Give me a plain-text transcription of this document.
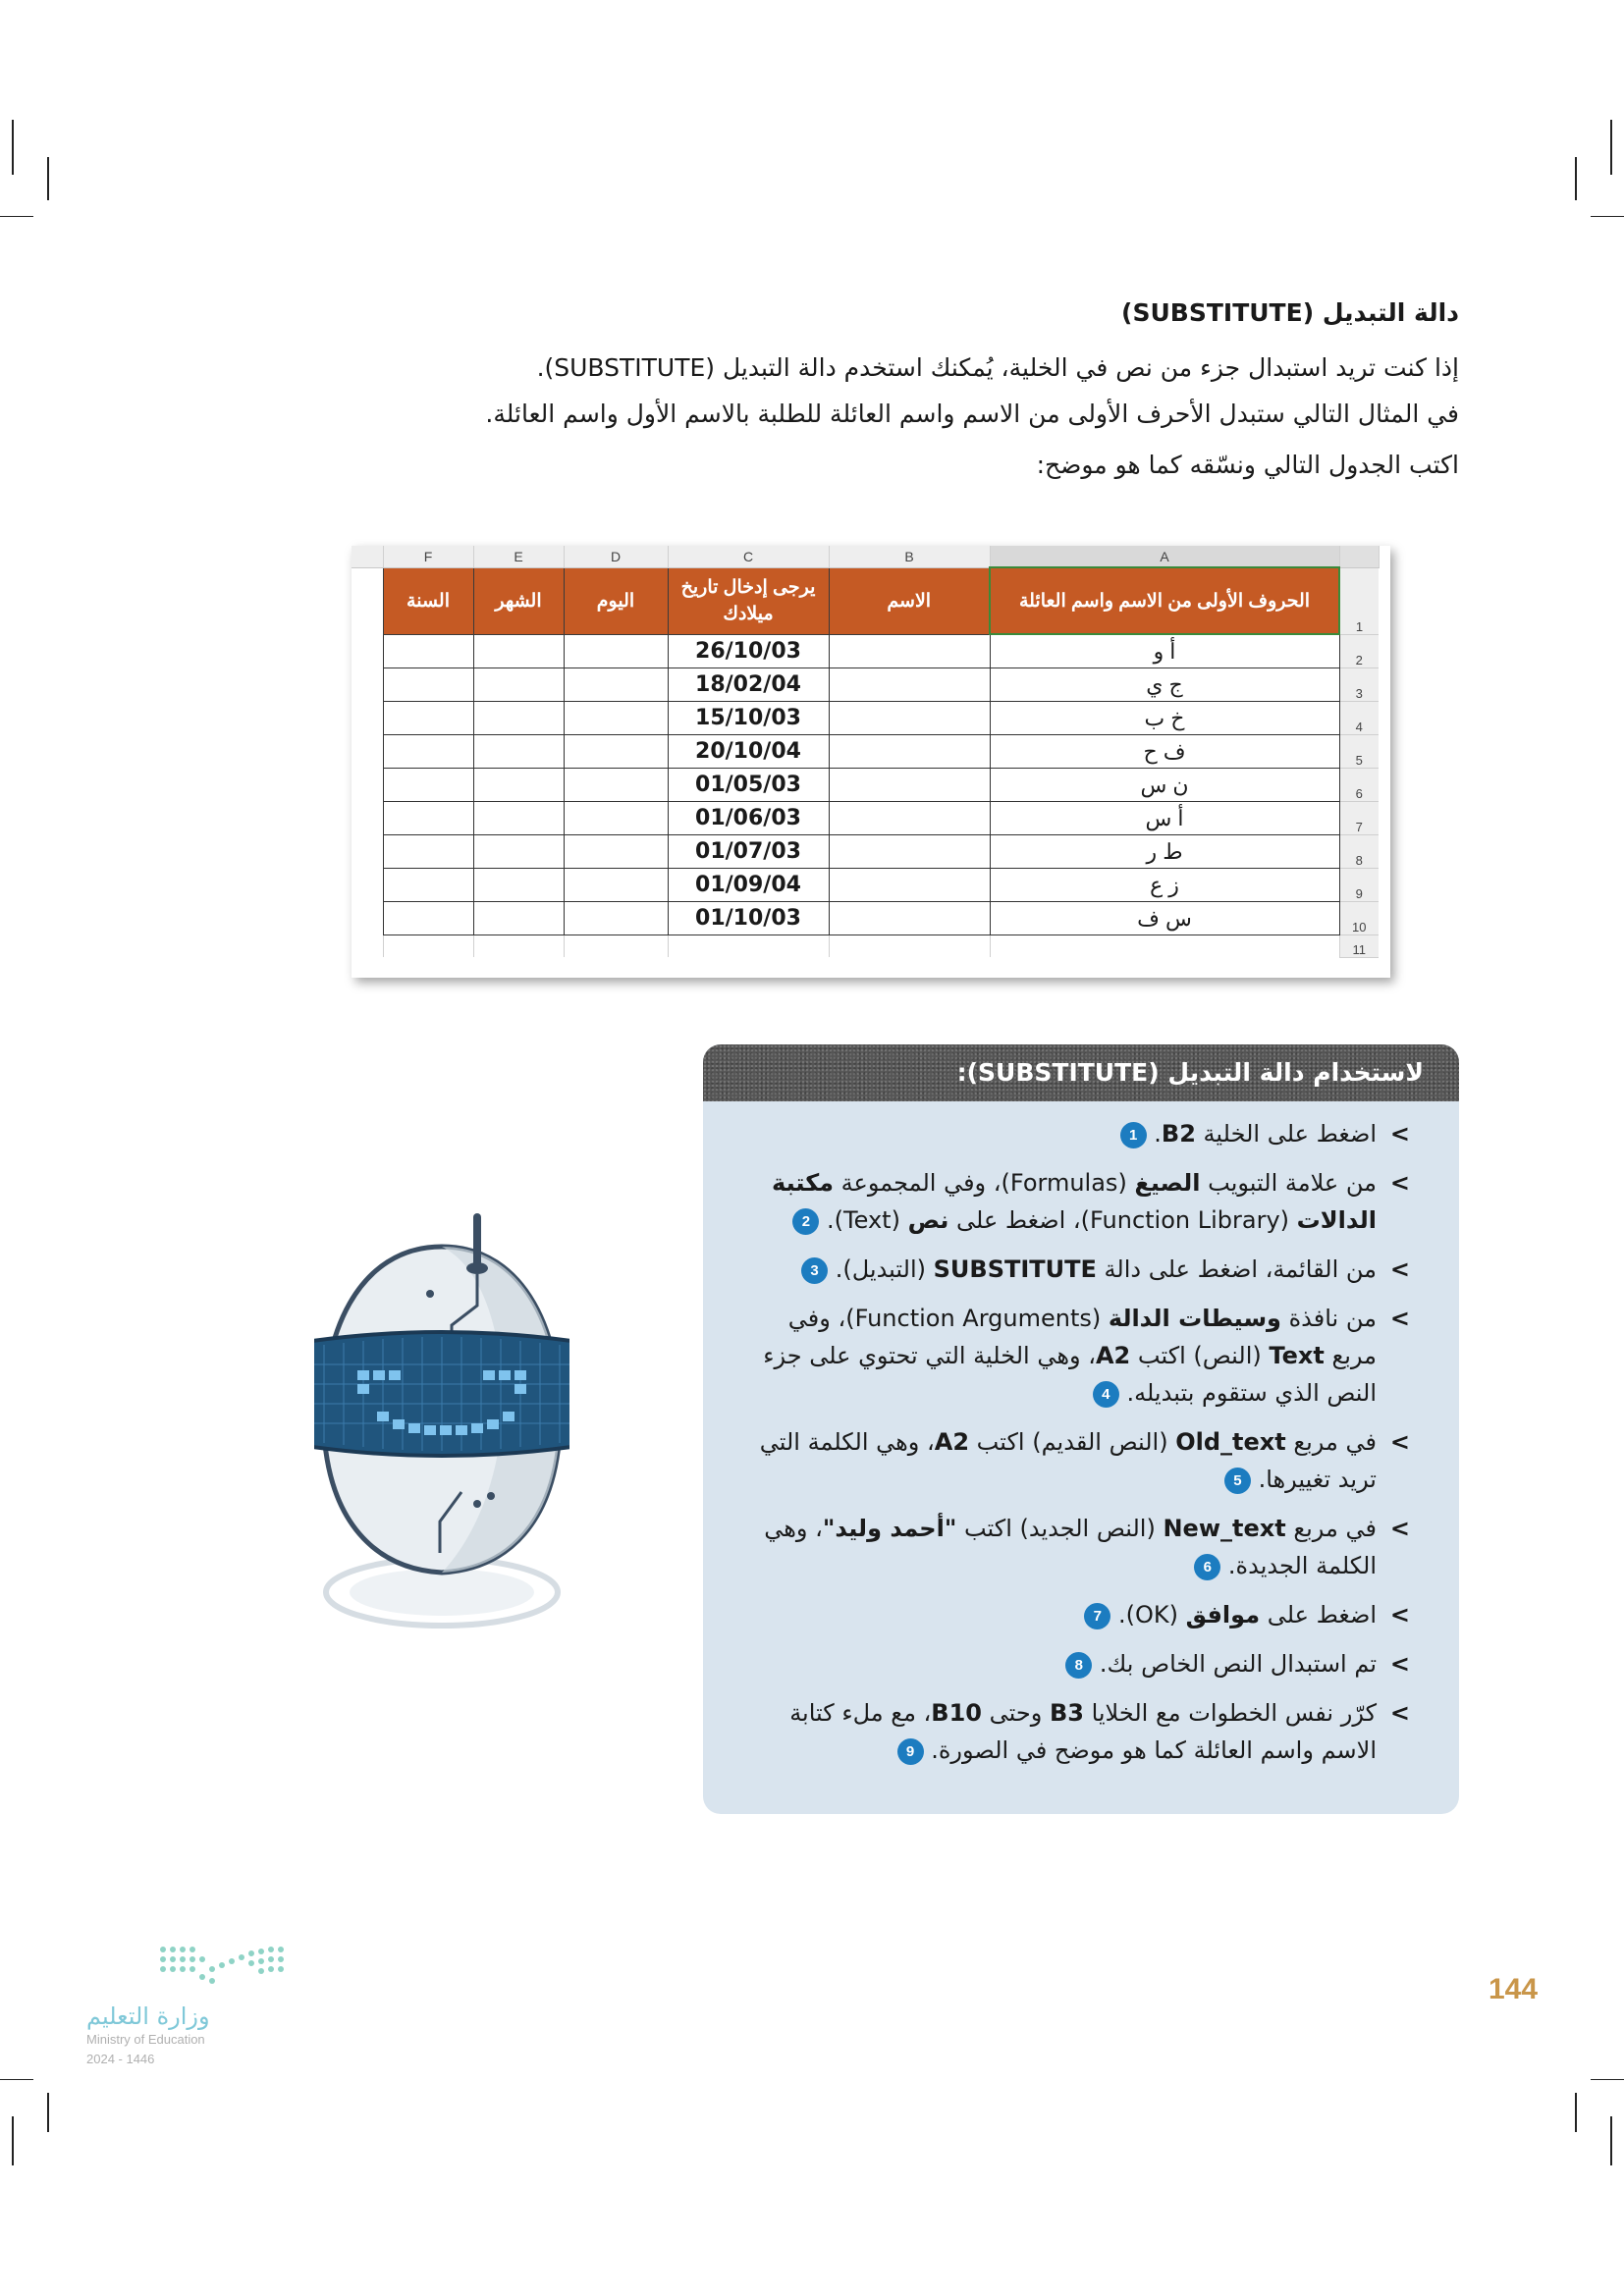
دالة التبديل (SUBSTITUTE)
إذا كنت تريد استبدال جزء من نص في الخلية، يُمكنك استخدم دالة التبديل (SUBSTITUTE).
في المثال التالي ستبدل الأحرف الأولى من الاسم واسم العائلة للطلبة بالاسم الأول واسم العائلة.
اكتب الجدول التالي ونسّقه كما هو موضح:
	F	E	D	C	B	A	
	السنة	الشهر	اليوم	يرجى إدخال تاريخ ميلادك	الاسم	الحروف الأولى من الاسم واسم العائلة	1
				26/10/03		أ و	2
				18/02/04		ج ي	3
				15/10/03		خ ب	4
				20/10/04		ف ح	5
				01/05/03		ن س	6
				01/06/03		أ س	7
				01/07/03		ط ر	8
				01/09/04		ز ع	9
				01/10/03		س ف	10
							11
لاستخدام دالة التبديل (SUBSTITUTE):
>
اضغط على الخلية B2. 1
>
من علامة التبويب الصيغ (Formulas)، وفي المجموعة مكتبة الدالات (Function Library)، اضغط على نص (Text). 2
>
من القائمة، اضغط على دالة SUBSTITUTE (التبديل). 3
>
من نافذة وسيطات الدالة (Function Arguments)، وفي مربع Text (النص) اكتب A2، وهي الخلية التي تحتوي على جزء النص الذي ستقوم بتبديله. 4
>
في مربع Old_text (النص القديم) اكتب A2، وهي الكلمة التي تريد تغييرها. 5
>
في مربع New_text (النص الجديد) اكتب "أحمد وليد"، وهي الكلمة الجديدة. 6
>
اضغط على موافق (OK). 7
>
تم استبدال النص الخاص بك. 8
>
كرّر نفس الخطوات مع الخلايا B3 وحتى B10، مع ملء كتابة الاسم واسم العائلة كما هو موضح في الصورة. 9
144
وزارة التعليم
Ministry of Education
2024 - 1446
